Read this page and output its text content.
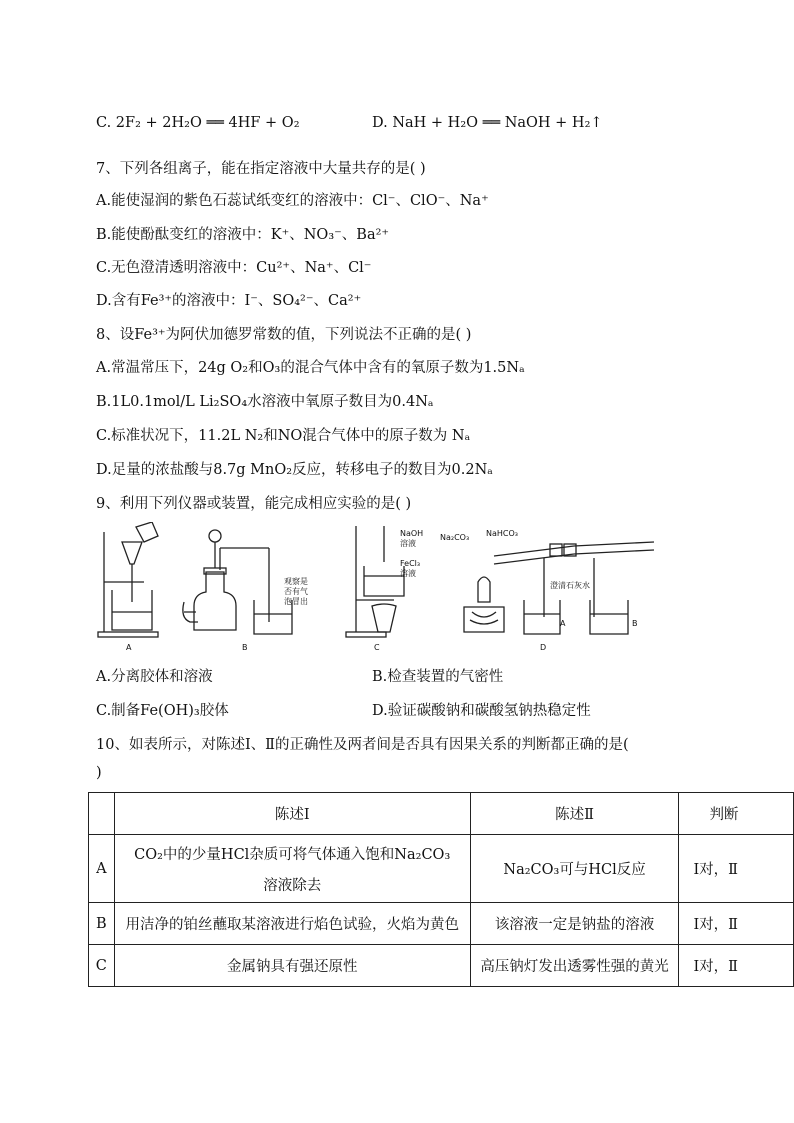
C. 2F₂ + 2H₂O ══ 4HF + O₂	D. NaH + H₂O ══ NaOH + H₂↑
7、下列各组离子，能在指定溶液中大量共存的是( )
A.能使湿润的紫色石蕊试纸变红的溶液中：Cl⁻、ClO⁻、Na⁺
B.能使酚酞变红的溶液中：K⁺、NO₃⁻、Ba²⁺
C.无色澄清透明溶液中：Cu²⁺、Na⁺、Cl⁻
D.含有Fe³⁺的溶液中：I⁻、SO₄²⁻、Ca²⁺
8、设Fe³⁺为阿伏加德罗常数的值，下列说法不正确的是( )
A.常温常压下，24g O₂和O₃的混合气体中含有的氧原子数为1.5Nₐ
B.1L0.1mol/L Li₂SO₄水溶液中氧原子数目为0.4Nₐ
C.标准状况下，11.2L N₂和NO混合气体中的原子数为 Nₐ
D.足量的浓盐酸与8.7g MnO₂反应，转移电子的数目为0.2Nₐ
9、利用下列仪器或装置，能完成相应实验的是( )
A	B
观察是
否有气
泡冒出
C
NaOH
溶液
FeCl₃
溶液
Na₂CO₃ NaHCO₃
澄清石灰水
A	B
D
A.分离胶体和溶液	B.检查装置的气密性
C.制备Fe(OH)₃胶体	D.验证碳酸钠和碳酸氢钠热稳定性
10、如表所示，对陈述Ⅰ、Ⅱ的正确性及两者间是否具有因果关系的判断都正确的是(
)
	陈述Ⅰ	陈述Ⅱ	判断
A	CO₂中的少量HCl杂质可将气体通入饱和Na₂CO₃
溶液除去	Na₂CO₃可与HCl反应	Ⅰ对，Ⅱ
B	用洁净的铂丝蘸取某溶液进行焰色试验，火焰为黄色	该溶液一定是钠盐的溶液	Ⅰ对，Ⅱ
C	金属钠具有强还原性	高压钠灯发出透雾性强的黄光	Ⅰ对，Ⅱ
